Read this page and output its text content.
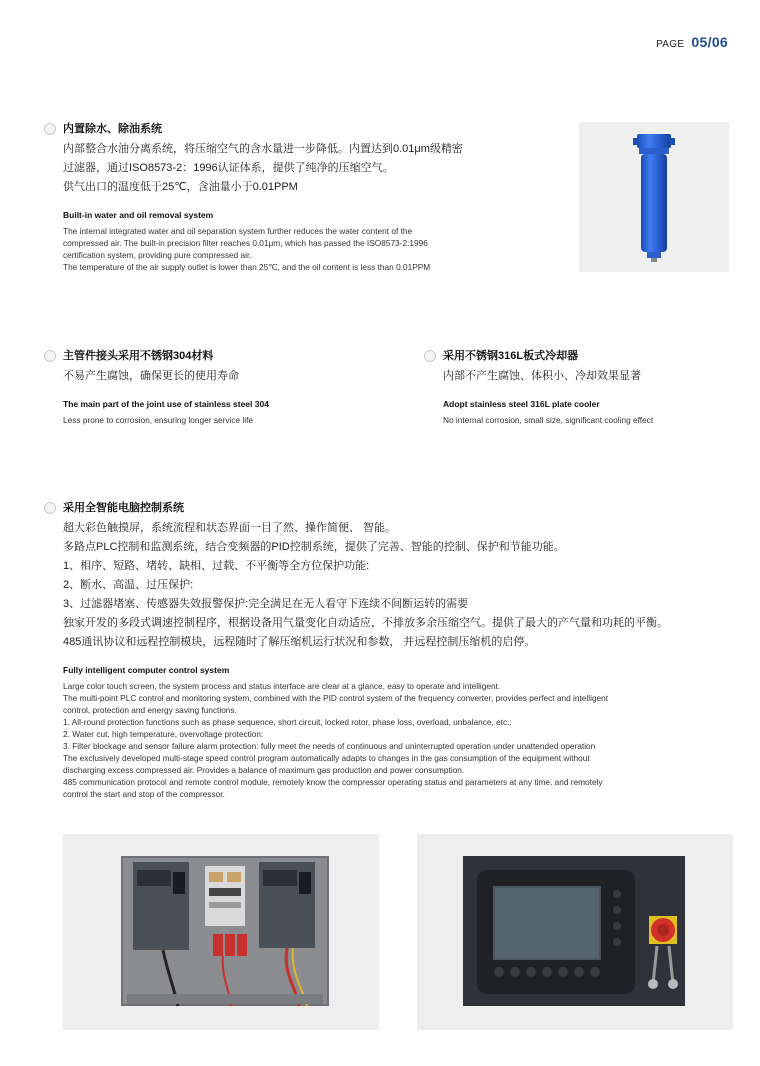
PAGE 05/06
内置除水、除油系统
内部整合水油分离系统，将压缩空气的含水量进一步降低。内置达到0.01μm级精密
过滤器，通过ISO8573-2：1996认证体系，提供了纯净的压缩空气。
供气出口的温度低于25℃，含油量小于0.01PPM
Built-in water and oil removal system
The internal integrated water and oil separation system further reduces the water content of the
compressed air. The built-in precision filter reaches 0.01μm, which has passed the ISO8573-2:1996
certification system, providing pure compressed air.
The temperature of the air supply outlet is lower than 25℃, and the oil content is less than 0.01PPM
主管件接头采用不锈钢304材料
不易产生腐蚀，确保更长的使用寿命
The main part of the joint use of stainless steel 304
Less prone to corrosion, ensuring longer service life
采用不锈钢316L板式冷却器
内部不产生腐蚀、体积小、冷却效果显著
Adopt stainless steel 316L plate cooler
No internal corrosion, small size, significant cooling effect
采用全智能电脑控制系统
超大彩色触摸屏，系统流程和状态界面一目了然、操作简便、 智能。
多路点PLC控制和监测系统，结合变频器的PID控制系统，提供了完善、智能的控制、保护和节能功能。
1、相序、短路、堵转、缺相、过载、不平衡等全方位保护功能:
2、断水、高温、过压保护:
3、过滤器堵塞、传感器失效报警保护:完全满足在无人看守下连续不间断运转的需要
独家开发的多段式调速控制程序，根据设备用气量变化自动适应，不排放多余压缩空气。提供了最大的产气量和功耗的平衡。
485通讯协议和远程控制模块，远程随时了解压缩机运行状况和参数， 并远程控制压缩机的启停。
Fully intelligent computer control system
Large color touch screen, the system process and status interface are clear at a glance, easy to operate and intelligent.
The multi-point PLC control and monitoring system, combined with the PID control system of the frequency converter, provides perfect and intelligent
control, protection and energy saving functions.
1. All-round protection functions such as phase sequence, short circuit, locked rotor, phase loss, overload, unbalance, etc.:
2. Water cut, high temperature, overvoltage protection:
3. Filter blockage and sensor failure alarm protection: fully meet the needs of continuous and uninterrupted operation under unattended operation
The exclusively developed multi-stage speed control program automatically adapts to changes in the gas consumption of the equipment without
discharging excess compressed air. Provides a balance of maximum gas production and power consumption.
485 communication protocol and remote control module, remotely know the compressor operating status and parameters at any time, and remotely
control the start and stop of the compressor.
